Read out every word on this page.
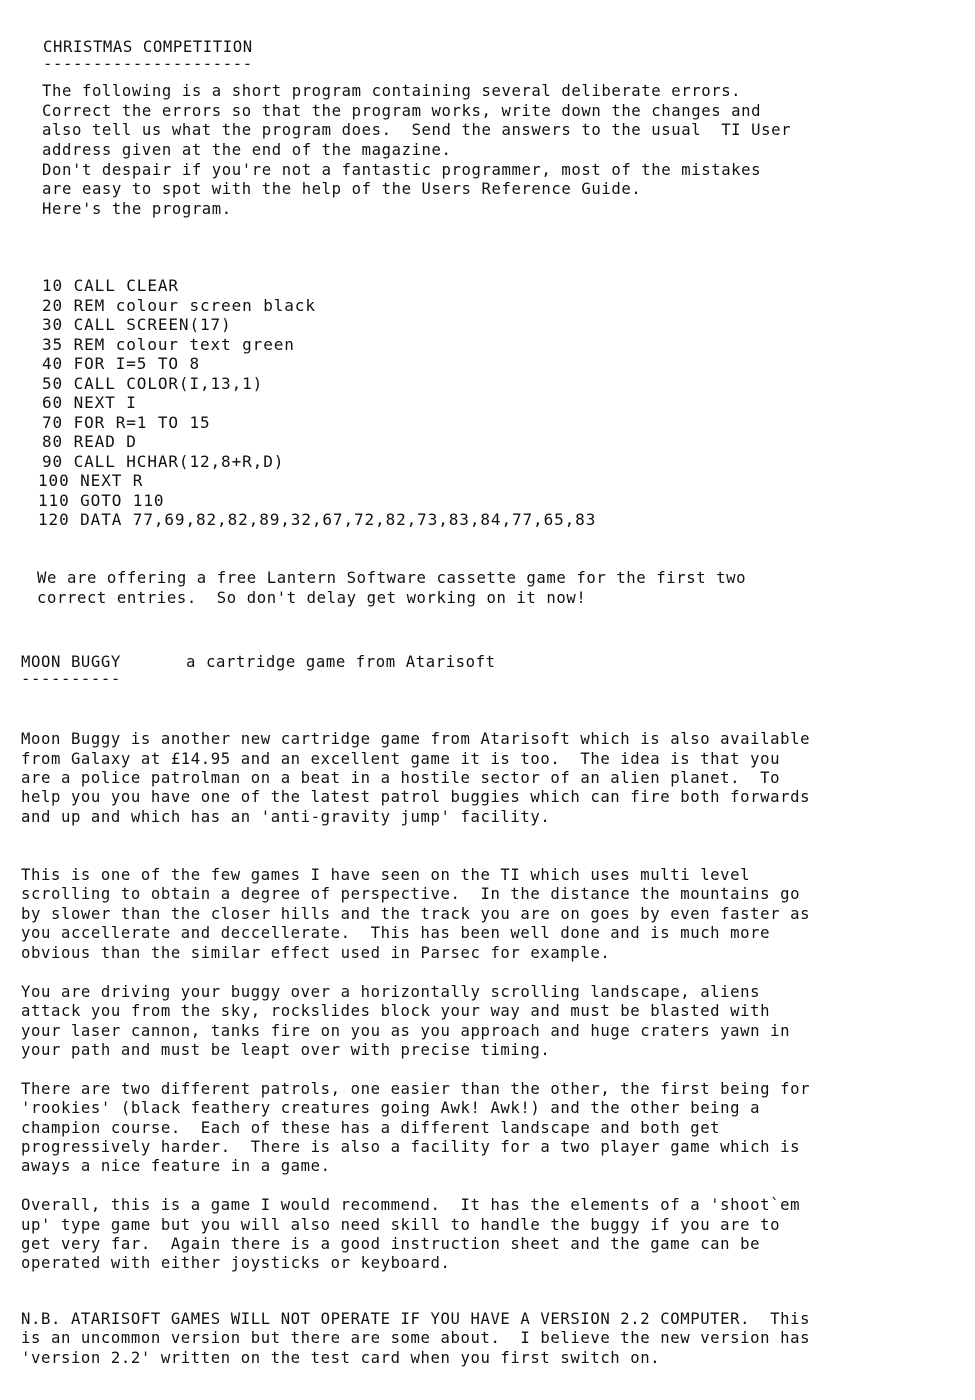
CHRISTMAS COMPETITION
---------------------
The following is a short program containing several deliberate errors.
Correct the errors so that the program works, write down the changes and
also tell us what the program does.  Send the answers to the usual  TI User
address given at the end of the magazine.
Don't despair if you're not a fantastic programmer, most of the mistakes
are easy to spot with the help of the Users Reference Guide.
Here's the program.
10 CALL CLEAR
20 REM colour screen black
30 CALL SCREEN(17)
35 REM colour text green
40 FOR I=5 TO 8
50 CALL COLOR(I,13,1)
60 NEXT I
70 FOR R=1 TO 15
80 READ D
90 CALL HCHAR(12,8+R,D)
100 NEXT R
110 GOTO 110
120 DATA 77,69,82,82,89,32,67,72,82,73,83,84,77,65,83
We are offering a free Lantern Software cassette game for the first two
correct entries.  So don't delay get working on it now!
MOON BUGGY	a cartridge game from Atarisoft
----------
Moon Buggy is another new cartridge game from Atarisoft which is also available
from Galaxy at £14.95 and an excellent game it is too.  The idea is that you
are a police patrolman on a beat in a hostile sector of an alien planet.  To
help you you have one of the latest patrol buggies which can fire both forwards
and up and which has an 'anti-gravity jump' facility.
This is one of the few games I have seen on the TI which uses multi level
scrolling to obtain a degree of perspective.  In the distance the mountains go
by slower than the closer hills and the track you are on goes by even faster as
you accellerate and deccellerate.  This has been well done and is much more
obvious than the similar effect used in Parsec for example.
You are driving your buggy over a horizontally scrolling landscape, aliens
attack you from the sky, rockslides block your way and must be blasted with
your laser cannon, tanks fire on you as you approach and huge craters yawn in
your path and must be leapt over with precise timing.
There are two different patrols, one easier than the other, the first being for
'rookies' (black feathery creatures going Awk! Awk!) and the other being a
champion course.  Each of these has a different landscape and both get
progressively harder.  There is also a facility for a two player game which is
aways a nice feature in a game.
Overall, this is a game I would recommend.  It has the elements of a 'shoot`em
up' type game but you will also need skill to handle the buggy if you are to
get very far.  Again there is a good instruction sheet and the game can be
operated with either joysticks or keyboard.
N.B. ATARISOFT GAMES WILL NOT OPERATE IF YOU HAVE A VERSION 2.2 COMPUTER.  This
is an uncommon version but there are some about.  I believe the new version has
'version 2.2' written on the test card when you first switch on.
